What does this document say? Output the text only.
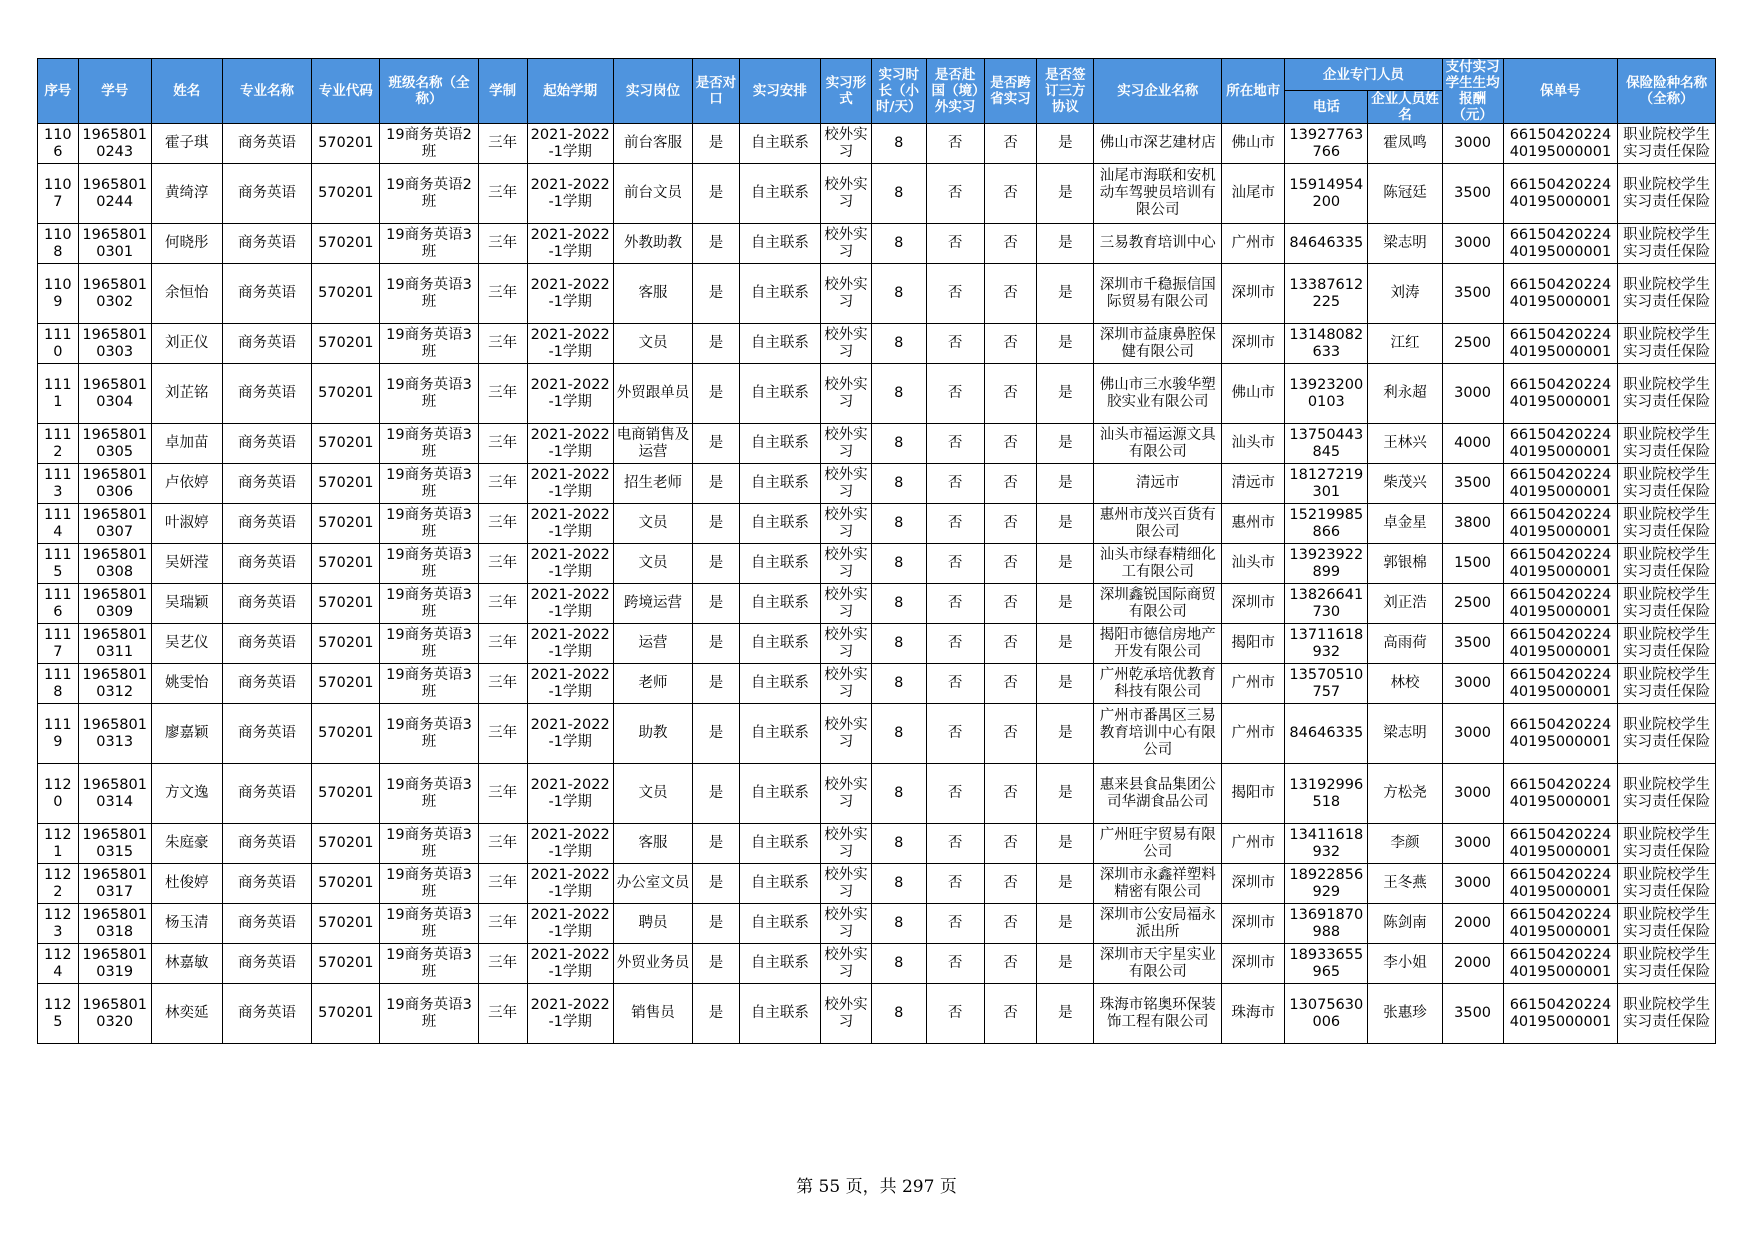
序号	学号	姓名	专业名称	专业代码	班级名称（全称）	学制	起始学期	实习岗位	是否对口	实习安排	实习形式	实习时长（小时/天）	是否赴国（境）外实习	是否跨省实习	是否签订三方协议	实习企业名称	所在地市	企业专门人员		支付实习学生生均报酬（元）	保单号	保险险种名称（全称）
																		电话	企业人员姓名			
1106	19658010243	霍子琪	商务英语	570201	19商务英语2班	三年	2021-2022-1学期	前台客服	是	自主联系	校外实习	8	否	否	是	佛山市深艺建材店	佛山市	13927763766	霍凤鸣	3000	6615042022440195000001	职业院校学生实习责任保险
1107	19658010244	黄绮淳	商务英语	570201	19商务英语2班	三年	2021-2022-1学期	前台文员	是	自主联系	校外实习	8	否	否	是	汕尾市海联和安机动车驾驶员培训有限公司	汕尾市	15914954200	陈冠廷	3500	6615042022440195000001	职业院校学生实习责任保险
1108	19658010301	何晓彤	商务英语	570201	19商务英语3班	三年	2021-2022-1学期	外教助教	是	自主联系	校外实习	8	否	否	是	三易教育培训中心	广州市	84646335	梁志明	3000	6615042022440195000001	职业院校学生实习责任保险
1109	19658010302	余恒怡	商务英语	570201	19商务英语3班	三年	2021-2022-1学期	客服	是	自主联系	校外实习	8	否	否	是	深圳市千稳振信国际贸易有限公司	深圳市	13387612225	刘涛	3500	6615042022440195000001	职业院校学生实习责任保险
1110	19658010303	刘正仪	商务英语	570201	19商务英语3班	三年	2021-2022-1学期	文员	是	自主联系	校外实习	8	否	否	是	深圳市益康鼻腔保健有限公司	深圳市	13148082633	江红	2500	6615042022440195000001	职业院校学生实习责任保险
1111	19658010304	刘芷铭	商务英语	570201	19商务英语3班	三年	2021-2022-1学期	外贸跟单员	是	自主联系	校外实习	8	否	否	是	佛山市三水骏华塑胶实业有限公司	佛山市	139232000103	利永超	3000	6615042022440195000001	职业院校学生实习责任保险
1112	19658010305	卓加苗	商务英语	570201	19商务英语3班	三年	2021-2022-1学期	电商销售及运营	是	自主联系	校外实习	8	否	否	是	汕头市福运源文具有限公司	汕头市	13750443845	王林兴	4000	6615042022440195000001	职业院校学生实习责任保险
1113	19658010306	卢依婷	商务英语	570201	19商务英语3班	三年	2021-2022-1学期	招生老师	是	自主联系	校外实习	8	否	否	是	清远市	清远市	18127219301	柴茂兴	3500	6615042022440195000001	职业院校学生实习责任保险
1114	19658010307	叶淑婷	商务英语	570201	19商务英语3班	三年	2021-2022-1学期	文员	是	自主联系	校外实习	8	否	否	是	惠州市茂兴百货有限公司	惠州市	15219985866	卓金星	3800	6615042022440195000001	职业院校学生实习责任保险
1115	19658010308	吴妍滢	商务英语	570201	19商务英语3班	三年	2021-2022-1学期	文员	是	自主联系	校外实习	8	否	否	是	汕头市绿春精细化工有限公司	汕头市	13923922899	郭银棉	1500	6615042022440195000001	职业院校学生实习责任保险
1116	19658010309	吴瑞颖	商务英语	570201	19商务英语3班	三年	2021-2022-1学期	跨境运营	是	自主联系	校外实习	8	否	否	是	深圳鑫锐国际商贸有限公司	深圳市	13826641730	刘正浩	2500	6615042022440195000001	职业院校学生实习责任保险
1117	19658010311	吴艺仪	商务英语	570201	19商务英语3班	三年	2021-2022-1学期	运营	是	自主联系	校外实习	8	否	否	是	揭阳市德信房地产开发有限公司	揭阳市	13711618932	高雨荷	3500	6615042022440195000001	职业院校学生实习责任保险
1118	19658010312	姚雯怡	商务英语	570201	19商务英语3班	三年	2021-2022-1学期	老师	是	自主联系	校外实习	8	否	否	是	广州乾承培优教育科技有限公司	广州市	13570510757	林校	3000	6615042022440195000001	职业院校学生实习责任保险
1119	19658010313	廖嘉颖	商务英语	570201	19商务英语3班	三年	2021-2022-1学期	助教	是	自主联系	校外实习	8	否	否	是	广州市番禺区三易教育培训中心有限公司	广州市	84646335	梁志明	3000	6615042022440195000001	职业院校学生实习责任保险
1120	19658010314	方文逸	商务英语	570201	19商务英语3班	三年	2021-2022-1学期	文员	是	自主联系	校外实习	8	否	否	是	惠来县食品集团公司华湖食品公司	揭阳市	13192996518	方松尧	3000	6615042022440195000001	职业院校学生实习责任保险
1121	19658010315	朱庭豪	商务英语	570201	19商务英语3班	三年	2021-2022-1学期	客服	是	自主联系	校外实习	8	否	否	是	广州旺宇贸易有限公司	广州市	13411618932	李颜	3000	6615042022440195000001	职业院校学生实习责任保险
1122	19658010317	杜俊婷	商务英语	570201	19商务英语3班	三年	2021-2022-1学期	办公室文员	是	自主联系	校外实习	8	否	否	是	深圳市永鑫祥塑料精密有限公司	深圳市	18922856929	王冬燕	3000	6615042022440195000001	职业院校学生实习责任保险
1123	19658010318	杨玉清	商务英语	570201	19商务英语3班	三年	2021-2022-1学期	聘员	是	自主联系	校外实习	8	否	否	是	深圳市公安局福永派出所	深圳市	13691870988	陈剑南	2000	6615042022440195000001	职业院校学生实习责任保险
1124	19658010319	林嘉敏	商务英语	570201	19商务英语3班	三年	2021-2022-1学期	外贸业务员	是	自主联系	校外实习	8	否	否	是	深圳市天宇星实业有限公司	深圳市	18933655965	李小姐	2000	6615042022440195000001	职业院校学生实习责任保险
1125	19658010320	林奕延	商务英语	570201	19商务英语3班	三年	2021-2022-1学期	销售员	是	自主联系	校外实习	8	否	否	是	珠海市铭奥环保装饰工程有限公司	珠海市	13075630006	张惠珍	3500	6615042022440195000001	职业院校学生实习责任保险
第 55 页，共 297 页
